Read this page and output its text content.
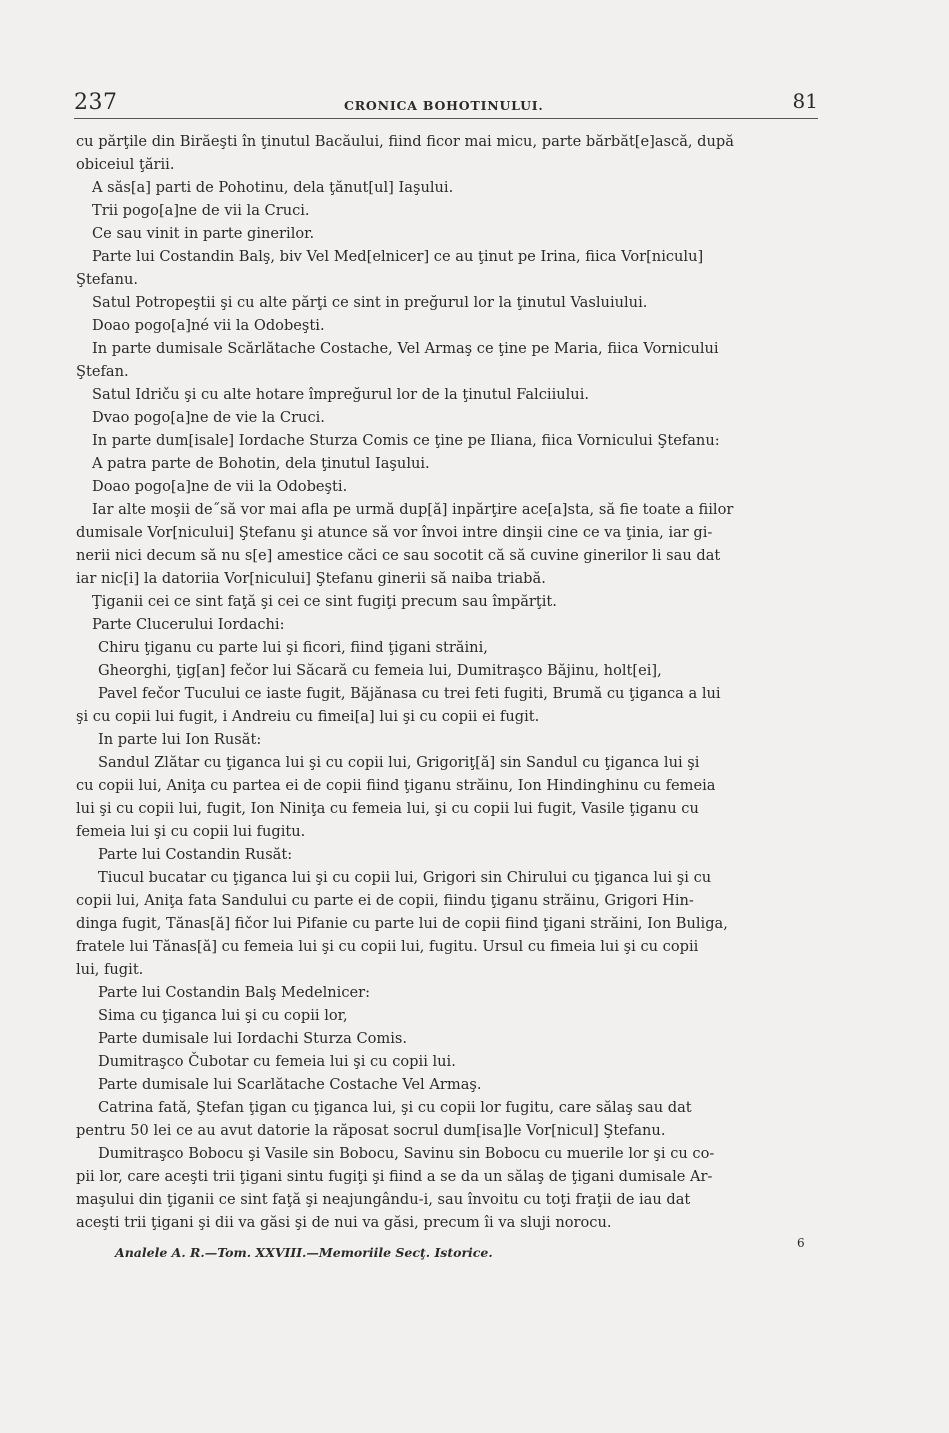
237	CRONICA BOHOTINULUI.	81
cu părţile din Birăeşti în ţinutul Bacăului, fiind ficor mai micu, parte bărbăt[e]ască, după
obiceiul ţării.
A săs[a] parti de Pohotinu, dela ţănut[ul] Iaşului.
Trii pogo[a]ne de vii la Cruci.
Ce sau vinit in parte ginerilor.
Parte lui Costandin Balş, biv Vel Med[elnicer] ce au ţinut pe Irina, fiica Vor[niculu]
Ştefanu.
Satul Potropeştii şi cu alte părţi ce sint in preğurul lor la ţinutul Vasluiului.
Doao pogo[a]né vii la Odobeşti.
In parte dumisale Scărlătache Costache, Vel Armaş ce ţine pe Maria, fiica Vornicului
Ştefan.
Satul Idriču şi cu alte hotare împreğurul lor de la ţinutul Falciiului.
Dvao pogo[a]ne de vie la Cruci.
In parte dum[isale] Iordache Sturza Comis ce ţine pe Iliana, fiica Vornicului Ştefanu:
A patra parte de Bohotin, dela ţinutul Iaşului.
Doao pogo[a]ne de vii la Odobeşti.
Iar alte moşii de˝să vor mai afla pe urmă dup[ă] inpărţire ace[a]sta, să fie toate a fiilor
dumisale Vor[nicului] Ştefanu şi atunce să vor învoi intre dinşii cine ce va ţinia, iar gi-
nerii nici decum să nu s[e] amestice căci ce sau socotit că să cuvine ginerilor li sau dat
iar nic[i] la datoriia Vor[nicului] Ştefanu ginerii să naiba triabă.
Ţiganii cei ce sint faţă şi cei ce sint fugiţi precum sau împărţit.
Parte Clucerului Iordachi:
Chiru ţiganu cu parte lui şi ficori, fiind ţigani străini,
Gheorghi, ţig[an] fečor lui Săcară cu femeia lui, Dumitraşco Băjinu, holt[ei],
Pavel fečor Tucului ce iaste fugit, Băjănasa cu trei feti fugiti, Brumă cu ţiganca a lui
şi cu copii lui fugit, i Andreiu cu fimei[a] lui şi cu copii ei fugit.
In parte lui Ion Rusăt:
Sandul Zlătar cu ţiganca lui şi cu copii lui, Grigoriţ[ă] sin Sandul cu ţiganca lui şi
cu copii lui, Aniţa cu partea ei de copii fiind ţiganu străinu, Ion Hindinghinu cu femeia
lui şi cu copii lui, fugit, Ion Niniţa cu femeia lui, şi cu copii lui fugit, Vasile ţiganu cu
femeia lui şi cu copii lui fugitu.
Parte lui Costandin Rusăt:
Tiucul bucatar cu ţiganca lui şi cu copii lui, Grigori sin Chirului cu ţiganca lui şi cu
copii lui, Aniţa fata Sandului cu parte ei de copii, fiindu ţiganu străinu, Grigori Hin-
dinga fugit, Tănas[ă] fičor lui Pifanie cu parte lui de copii fiind ţigani străini, Ion Buliga,
fratele lui Tănas[ă] cu femeia lui şi cu copii lui, fugitu. Ursul cu fimeia lui şi cu copii
lui, fugit.
Parte lui Costandin Balş Medelnicer:
Sima cu ţiganca lui şi cu copii lor,
Parte dumisale lui Iordachi Sturza Comis.
Dumitraşco Čubotar cu femeia lui şi cu copii lui.
Parte dumisale lui Scarlătache Costache Vel Armaş.
Catrina fată, Ştefan ţigan cu ţiganca lui, şi cu copii lor fugitu, care sălaş sau dat
pentru 50 lei ce au avut datorie la răposat socrul dum[isa]le Vor[nicul] Ştefanu.
Dumitraşco Bobocu şi Vasile sin Bobocu, Savinu sin Bobocu cu muerile lor şi cu co-
pii lor, care aceşti trii ţigani sintu fugiţi şi fiind a se da un sălaş de ţigani dumisale Ar-
maşului din ţiganii ce sint faţă şi neajungându-i, sau învoitu cu toţi fraţii de iau dat
aceşti trii ţigani şi dii va găsi şi de nui va găsi, precum îi va sluji norocu.
Analele A. R.—Tom. XXVIII.—Memoriile Secţ. Istorice.
6
